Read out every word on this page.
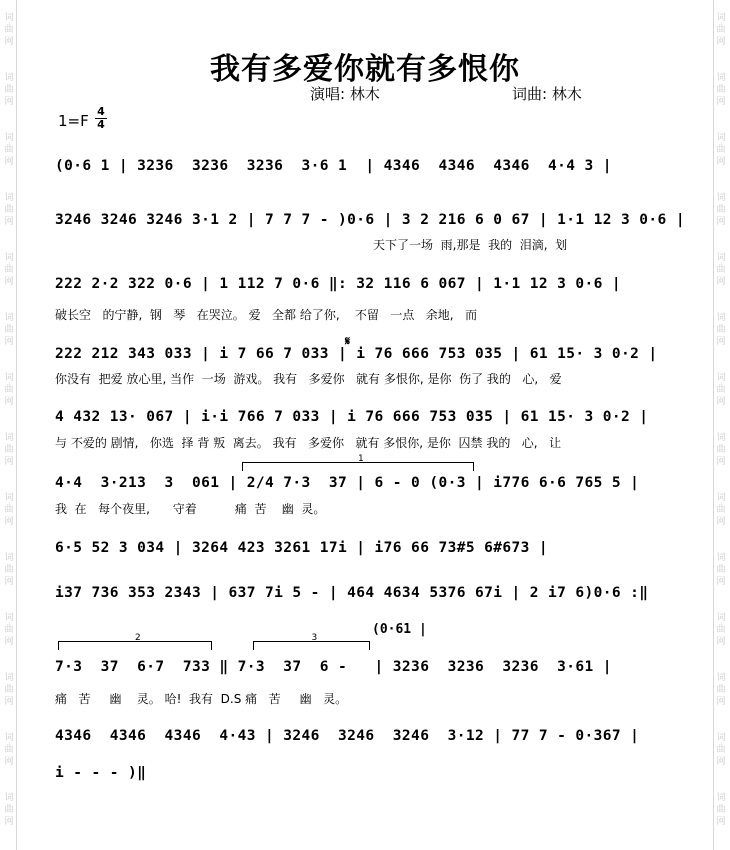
词
曲
网
词
曲
网
词
曲
网
词
曲
网
词
曲
网
词
曲
网
词
曲
网
词
曲
网
词
曲
网
词
曲
网
词
曲
网
词
曲
网
词
曲
网
词
曲
网
词
曲
网
词
曲
网
词
曲
网
词
曲
网
词
曲
网
词
曲
网
词
曲
网
词
曲
网
词
曲
网
词
曲
网
词
曲
网
词
曲
网
词
曲
网
词
曲
网
我有多爱你就有多恨你
演唱: 林木	词曲: 林木
1=F
4
4
(0·6 1 | 3236  3236  3236  3·6 1  | 4346  4346  4346  4·4 3 |
3246 3246 3246 3·1 2 | 7 7 7 - )0·6 | 3 2 216 6 0 67 | 1·1 12 3 0·6 |
天下了一场  雨,那是  我的  泪滴,  划
222 2·2 322 0·6 | 1 112 7 0·6 ‖: 32 116 6 067 | 1·1 12 3 0·6 |
破长空   的宁静,  钢   琴   在哭泣。 爱   全都 给了你,    不留   一点   余地,   而
𝄋
222 212 343 033 | i 7 66 7 033 | i 76 666 753 035 | 61 15· 3 0·2 |
你没有  把爱 放心里, 当作  一场  游戏。 我有   多爱你   就有 多恨你, 是你  伤了 我的   心,   爱
4 432 13· 067 | i·i 766 7 033 | i 76 666 753 035 | 61 15· 3 0·2 |
与 不爱的 剧情,   你选  择 背 叛  离去。 我有   多爱你   就有 多恨你, 是你  囚禁 我的   心,   让
1
4·4  3·213  3  061 | 2/4 7·3  37 | 6 - 0 (0·3 | i776 6·6 765 5 |
我  在   每个夜里,      守着          痛  苦    幽  灵。
6·5 52 3 034 | 3264 423 3261 17i | i76 66 73#5 6#673 |
i37 736 353 2343 | 637 7i 5 - | 464 4634 5376 67i | 2 i7 6)0·6 :‖
2	3
(0·61 |
7·3  37  6·7  733 ‖ 7·3  37  6 -   | 3236  3236  3236  3·61 |
痛   苦     幽    灵。 哈!  我有  D.S 痛   苦     幽   灵。
4346  4346  4346  4·43 | 3246  3246  3246  3·12 | 77 7 - 0·367 |
i - - - )‖
